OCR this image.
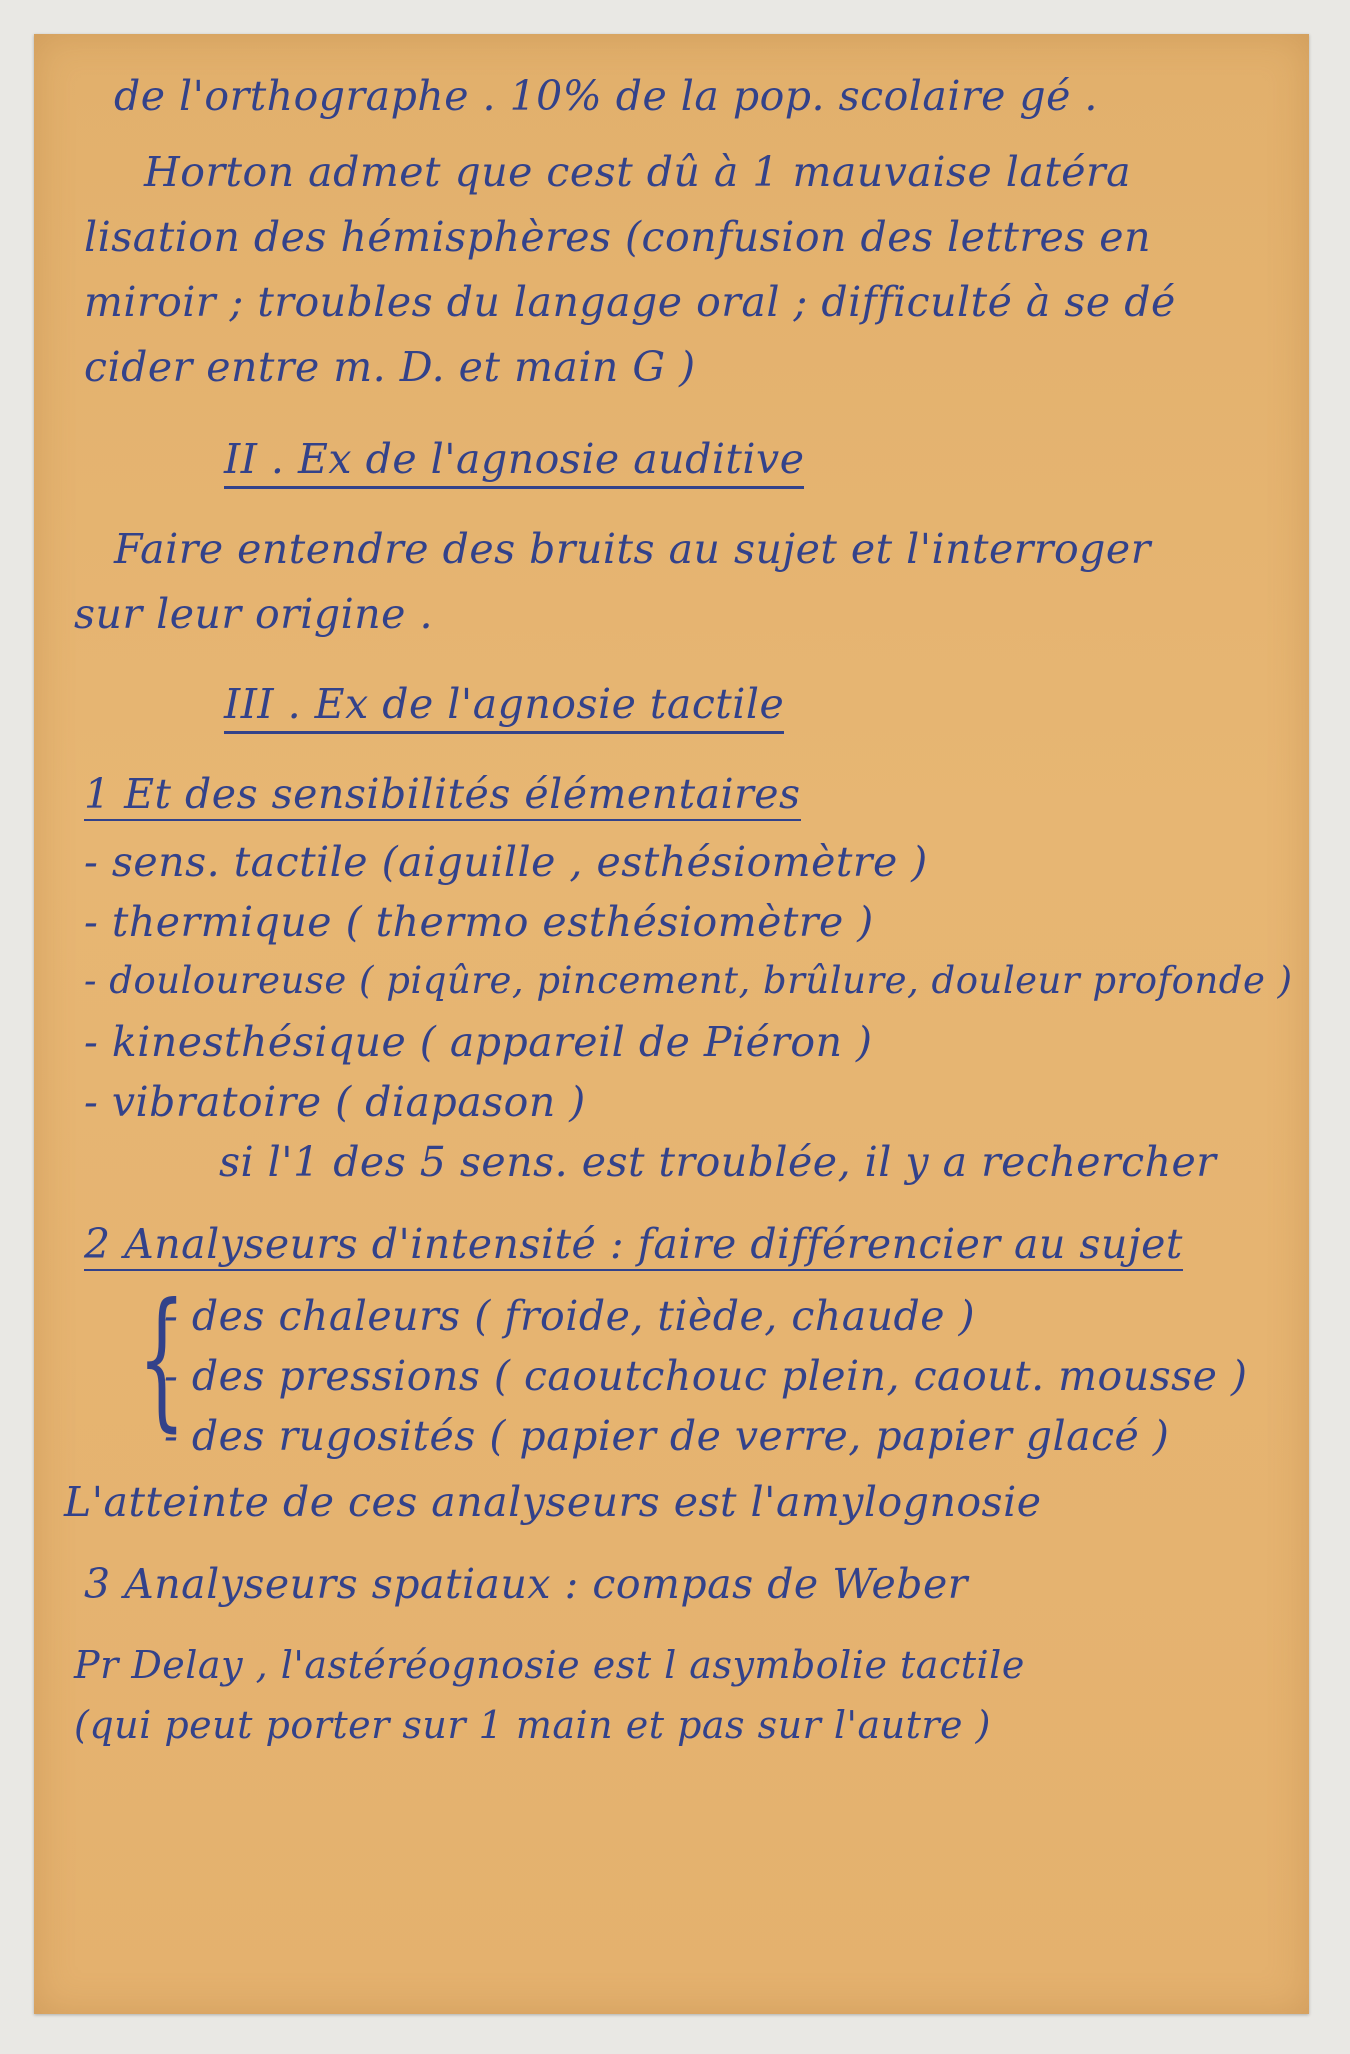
de l'orthographe . 10% de la pop. scolaire gé .
Horton admet que cest dû à 1 mauvaise latéra
lisation des hémisphères (confusion des lettres en
miroir ; troubles du langage oral ; difficulté à se dé
cider entre m. D. et main G )
II . Ex de l'agnosie auditive
Faire entendre des bruits au sujet et l'interroger
sur leur origine .
III . Ex de l'agnosie tactile
1 Et des sensibilités élémentaires
- sens. tactile (aiguille , esthésiomètre )
- thermique ( thermo esthésiomètre )
- douloureuse ( piqûre, pincement, brûlure, douleur profonde )
- kinesthésique ( appareil de Piéron )
- vibratoire ( diapason )
si l'1 des 5 sens. est troublée, il y a rechercher
2 Analyseurs d'intensité : faire différencier au sujet
{
- des chaleurs ( froide, tiède, chaude )
- des pressions ( caoutchouc plein, caout. mousse )
- des rugosités ( papier de verre, papier glacé )
L'atteinte de ces analyseurs est l'amylognosie
3 Analyseurs spatiaux : compas de Weber
Pr Delay , l'astéréognosie est l asymbolie tactile
(qui peut porter sur 1 main et pas sur l'autre )
